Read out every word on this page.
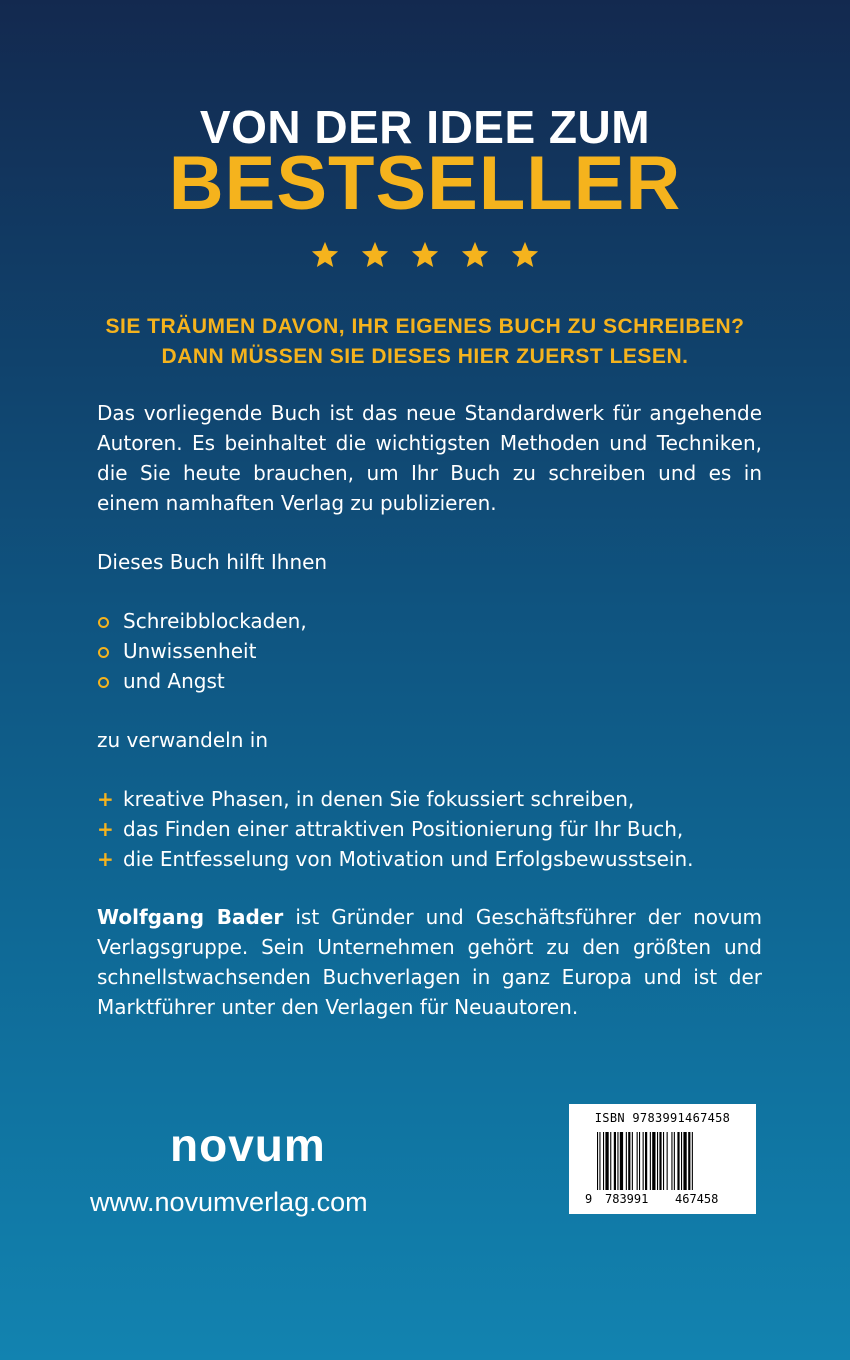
VON DER IDEE ZUM
BESTSELLER
SIE TRÄUMEN DAVON, IHR EIGENES BUCH ZU SCHREIBEN?
DANN MÜSSEN SIE DIESES HIER ZUERST LESEN.
Das vorliegende Buch ist das neue Standardwerk für angehende Autoren. Es beinhaltet die wichtigsten Methoden und Techniken, die Sie heute brauchen, um Ihr Buch zu schreiben und es in einem namhaften Verlag zu publizieren.
Dieses Buch hilft Ihnen
Schreibblockaden,
Unwissenheit
und Angst
zu verwandeln in
+ kreative Phasen, in denen Sie fokussiert schreiben,
+ das Finden einer attraktiven Positionierung für Ihr Buch,
+ die Entfesselung von Motivation und Erfolgsbewusstsein.
Wolfgang Bader ist Gründer und Geschäftsführer der novum Verlagsgruppe. Sein Unternehmen gehört zu den größten und schnellstwachsenden Buchverlagen in ganz Europa und ist der Marktführer unter den Verlagen für Neuautoren.
novum
www.novumverlag.com
ISBN 9783991467458
9 783991 467458
